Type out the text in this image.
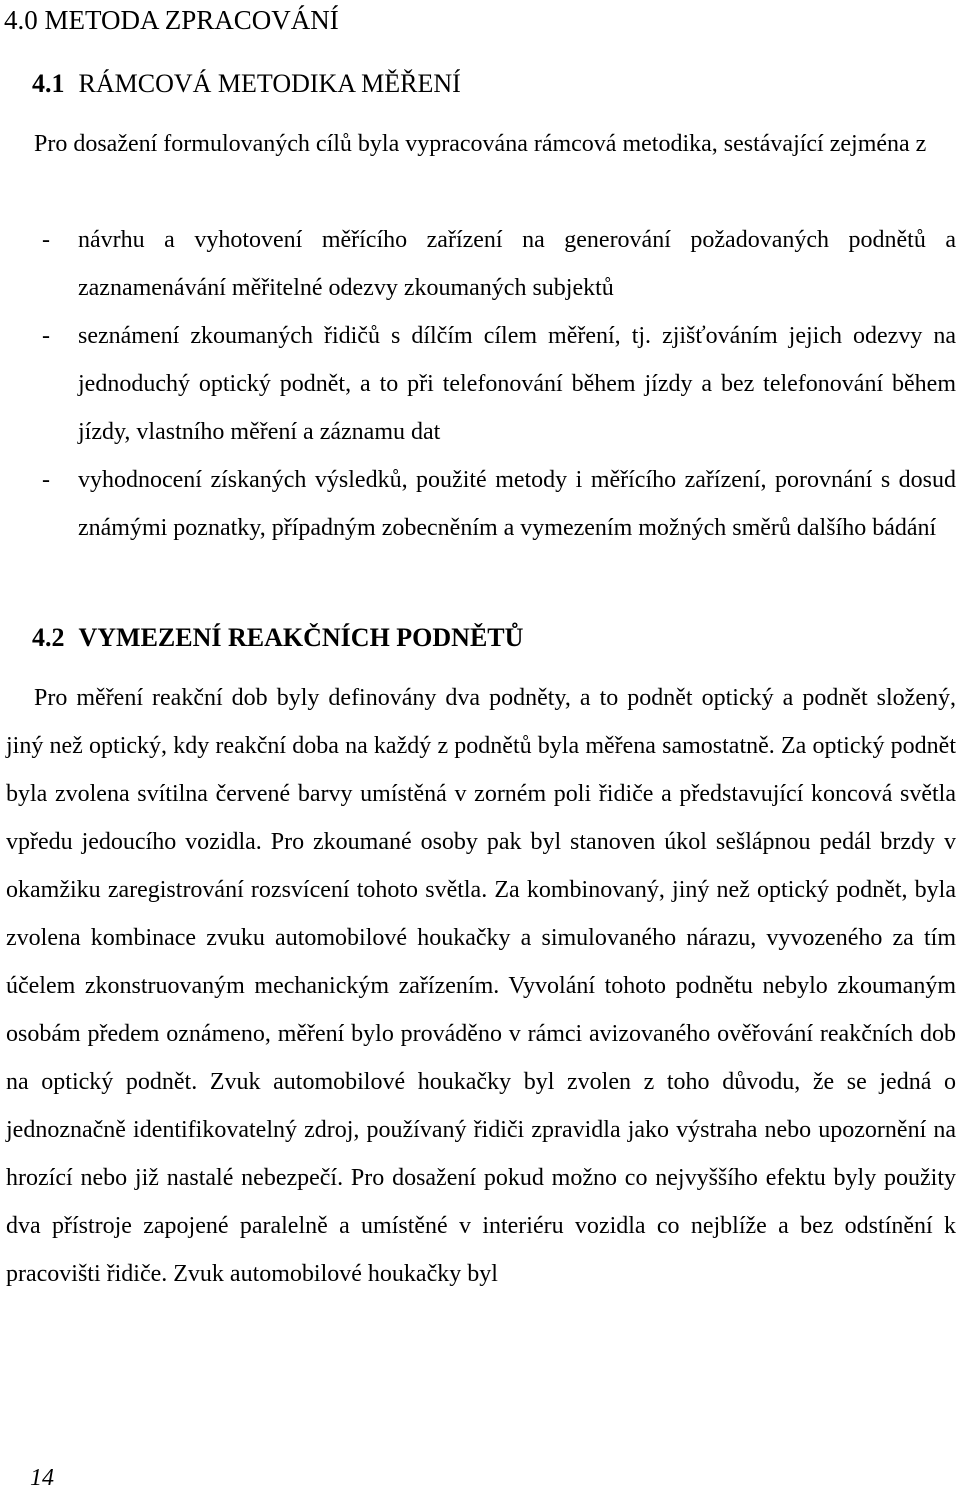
4.0 METODA ZPRACOVÁNÍ
4.1 RÁMCOVÁ METODIKA MĚŘENÍ

Pro dosažení formulovaných cílů byla vypracována rámcová metodika, sestávající zejména z

- návrhu a vyhotovení měřícího zařízení na generování požadovaných podnětů a zaznamenávání měřitelné odezvy zkoumaných subjektů
- seznámení zkoumaných řidičů s dílčím cílem měření, tj. zjišťováním jejich odezvy na jednoduchý optický podnět, a to při telefonování během jízdy a bez telefonování během jízdy, vlastního měření a záznamu dat
- vyhodnocení získaných výsledků, použité metody i měřícího zařízení, porovnání s dosud známými poznatky, případným zobecněním a vymezením možných směrů dalšího bádání
4.2 VYMEZENÍ REAKČNÍCH PODNĚTŮ

Pro měření reakční dob byly definovány dva podněty, a to podnět optický a podnět složený, jiný než optický, kdy reakční doba na každý z podnětů byla měřena samostatně. Za optický podnět byla zvolena svítilna červené barvy umístěná v zorném poli řidiče a představující koncová světla vpředu jedoucího vozidla. Pro zkoumané osoby pak byl stanoven úkol sešlápnou pedál brzdy v okamžiku zaregistrování rozsvícení tohoto světla. Za kombinovaný, jiný než optický podnět, byla zvolena kombinace zvuku automobilové houkačky a simulovaného nárazu, vyvozeného za tím účelem zkonstruovaným mechanickým zařízením. Vyvolání tohoto podnětu nebylo zkoumaným osobám předem oznámeno, měření bylo prováděno v rámci avizovaného ověřování reakčních dob na optický podnět. Zvuk automobilové houkačky byl zvolen z toho důvodu, že se jedná o jednoznačně identifikovatelný zdroj, používaný řidiči zpravidla jako výstraha nebo upozornění na hrozící nebo již nastalé nebezpečí. Pro dosažení pokud možno co nejvyššího efektu byly použity dva přístroje zapojené paralelně a umístěné v interiéru vozidla co nejblíže a bez odstínění k pracovišti řidiče. Zvuk automobilové houkačky byl

14
